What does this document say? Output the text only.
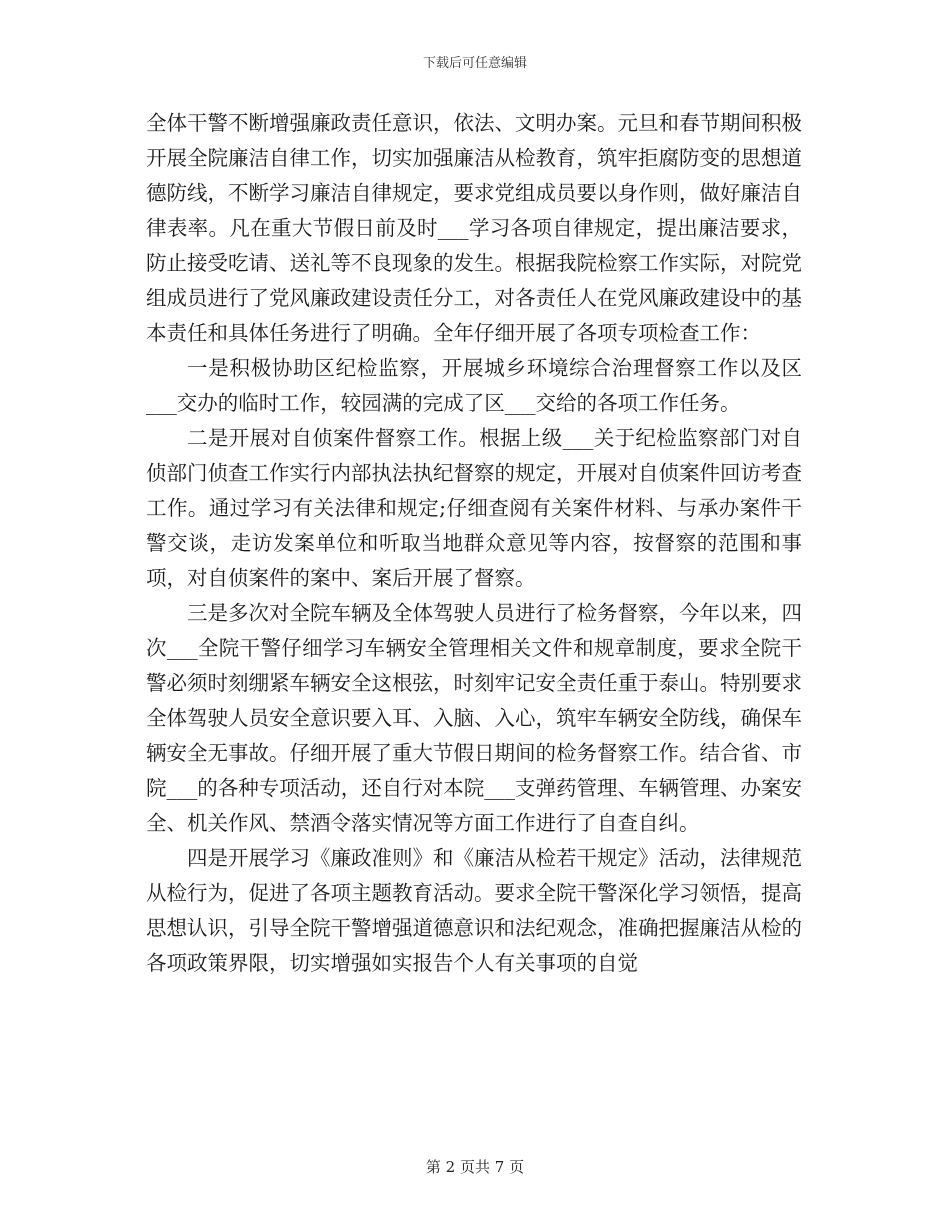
下载后可任意编辑

全体干警不断增强廉政责任意识，依法、文明办案。元旦和春节期间积极开展全院廉洁自律工作，切实加强廉洁从检教育，筑牢拒腐防变的思想道德防线，不断学习廉洁自律规定，要求党组成员要以身作则，做好廉洁自律表率。凡在重大节假日前及时___学习各项自律规定，提出廉洁要求，防止接受吃请、送礼等不良现象的发生。根据我院检察工作实际，对院党组成员进行了党风廉政建设责任分工，对各责任人在党风廉政建设中的基本责任和具体任务进行了明确。全年仔细开展了各项专项检查工作：

一是积极协助区纪检监察，开展城乡环境综合治理督察工作以及区___交办的临时工作，较园满的完成了区___交给的各项工作任务。

二是开展对自侦案件督察工作。根据上级___关于纪检监察部门对自侦部门侦查工作实行内部执法执纪督察的规定，开展对自侦案件回访考查工作。通过学习有关法律和规定;仔细查阅有关案件材料、与承办案件干警交谈，走访发案单位和听取当地群众意见等内容，按督察的范围和事项，对自侦案件的案中、案后开展了督察。

三是多次对全院车辆及全体驾驶人员进行了检务督察，今年以来，四次___全院干警仔细学习车辆安全管理相关文件和规章制度，要求全院干警必须时刻绷紧车辆安全这根弦，时刻牢记安全责任重于泰山。特别要求全体驾驶人员安全意识要入耳、入脑、入心，筑牢车辆安全防线，确保车辆安全无事故。仔细开展了重大节假日期间的检务督察工作。结合省、市院___的各种专项活动，还自行对本院___支弹药管理、车辆管理、办案安全、机关作风、禁酒令落实情况等方面工作进行了自查自纠。

四是开展学习《廉政准则》和《廉洁从检若干规定》活动，法律规范从检行为，促进了各项主题教育活动。要求全院干警深化学习领悟，提高思想认识，引导全院干警增强道德意识和法纪观念，准确把握廉洁从检的各项政策界限，切实增强如实报告个人有关事项的自觉

第 2 页共 7 页
